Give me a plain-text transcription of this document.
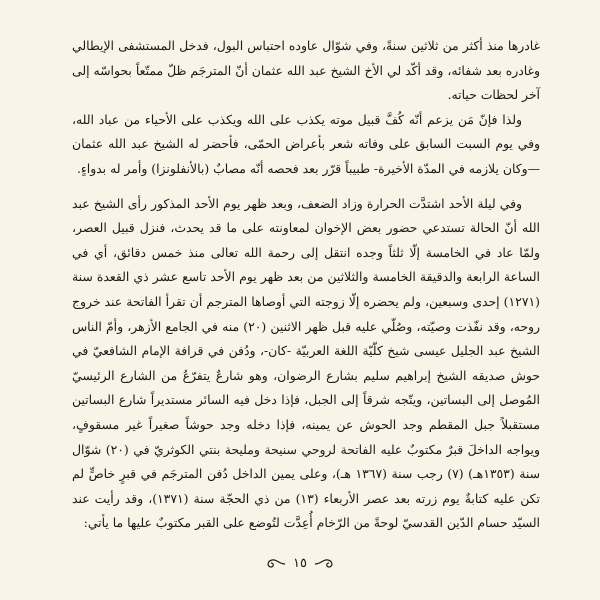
غادرها منذ أكثر من ثلاثين سنةً، وفي شوّال عاوده احتباس البول، فدخل المستشفى الإيطالي وغادره بعد شفائه، وقد أكّد لي الأخ الشيخ عبد الله عثمان أنّ المترجَم ظلّ ممتّعاً بحواسّه إلى آخر لحظات حياته.

ولذا فإنّ مَن يزعم أنّه كُفَّ قبيل موته يكذب على الله ويكذب على الأحياء من عباد الله، وفي يوم السبت السابق على وفاته شعر بأعراض الحمّى، فأحضر له الشيخ عبد الله عثمان —وكان يلازمه في المدّة الأخيرة- طبيباً قرّر بعد فحصه أنّه مصابٌ (بالأنفلونزا) وأمر له بدواءٍ.

وفي ليلة الأحد اشتدَّت الحرارة وزاد الضعف، وبعد ظهر يوم الأحد المذكور رأى الشيخ عبد الله أنّ الحالة تستدعي حضور بعض الإخوان لمعاونته على ما قد يحدث، فنزل قبيل العصر، ولمّا عاد في الخامسة إلّا ثلثاً وجده انتقل إلى رحمة الله تعالى منذ خمس دقائق، أي في الساعة الرابعة والدقيقة الخامسة والثلاثين من بعد ظهر يوم الأحد تاسع عشر ذي القعدة سنة (١٢٧١) إحدى وسبعين، ولم يحضره إلّا زوجته التي أوصاها المترجم أن تقرأ الفاتحة عند خروج روحه، وقد نفّذت وصيّته، وصُلّي عليه قبل ظهر الاثنين (٢٠) منه في الجامع الأزهر، وأمّ الناس الشيخ عبد الجليل عيسى شيخ كلّيّة اللغة العربيّة -كان-، ودُفن في قرافة الإمام الشافعيّ في حوش صديقه الشيخ إبراهيم سليم بشارع الرضوان، وهو شارعٌ يتفرّعُ من الشارع الرئيسيّ المُوصل إلى البساتين، ويتّجه شرقاً إلى الجبل، فإذا دخل فيه السائر مستديراً شارع البساتين مستقبلاً جبل المقطم وجد الحوش عن يمينه، فإذا دخله وجد حوشاً صغيراً غير مسقوفٍ، ويواجه الداخلَ قبرٌ مكتوبٌ عليه الفاتحة لروحي سنيحة ومليحة بنتي الكوثريّ في (٢٠) شوّال سنة (١٣٥٣هـ) (٧) رجب سنة (١٣٦٧ هـ)، وعلى يمين الداخل دُفن المترجَم في قبرٍ خاصٍّ لم تكن عليه كتابةٌ يوم زرته بعد عصر الأربعاء (١٣) من ذي الحجّة سنة (١٣٧١)، وقد رأيت عند السيّد حسام الدّين القدسيّ لوحةً من الرّخام أُعِدَّت لتُوضع على القبر مكتوبٌ عليها ما يأتي:

١٥
